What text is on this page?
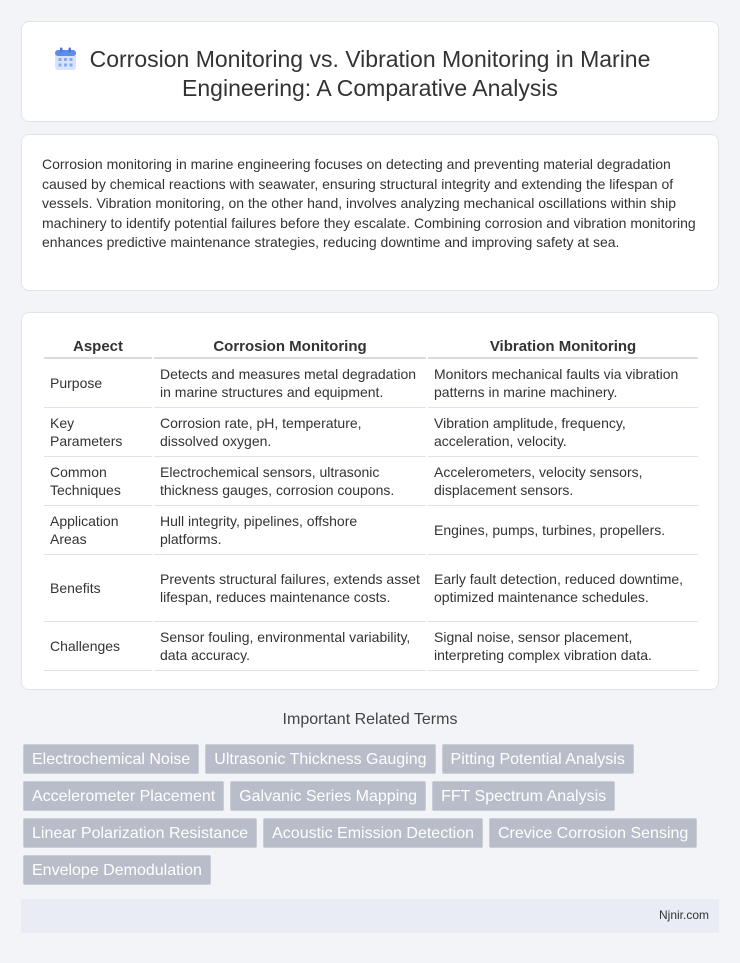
Corrosion Monitoring vs. Vibration Monitoring in Marine Engineering: A Comparative Analysis

Corrosion monitoring in marine engineering focuses on detecting and preventing material degradation caused by chemical reactions with seawater, ensuring structural integrity and extending the lifespan of vessels. Vibration monitoring, on the other hand, involves analyzing mechanical oscillations within ship machinery to identify potential failures before they escalate. Combining corrosion and vibration monitoring enhances predictive maintenance strategies, reducing downtime and improving safety at sea.

Aspect	Corrosion Monitoring	Vibration Monitoring
Purpose	Detects and measures metal degradation in marine structures and equipment.	Monitors mechanical faults via vibration patterns in marine machinery.
Key Parameters	Corrosion rate, pH, temperature, dissolved oxygen.	Vibration amplitude, frequency, acceleration, velocity.
Common Techniques	Electrochemical sensors, ultrasonic thickness gauges, corrosion coupons.	Accelerometers, velocity sensors, displacement sensors.
Application Areas	Hull integrity, pipelines, offshore platforms.	Engines, pumps, turbines, propellers.
Benefits	Prevents structural failures, extends asset lifespan, reduces maintenance costs.	Early fault detection, reduced downtime, optimized maintenance schedules.
Challenges	Sensor fouling, environmental variability, data accuracy.	Signal noise, sensor placement, interpreting complex vibration data.
Important Related Terms
Electrochemical Noise	Ultrasonic Thickness Gauging	Pitting Potential Analysis
Accelerometer Placement	Galvanic Series Mapping	FFT Spectrum Analysis
Linear Polarization Resistance	Acoustic Emission Detection	Crevice Corrosion Sensing
Envelope Demodulation
Njnir.com
